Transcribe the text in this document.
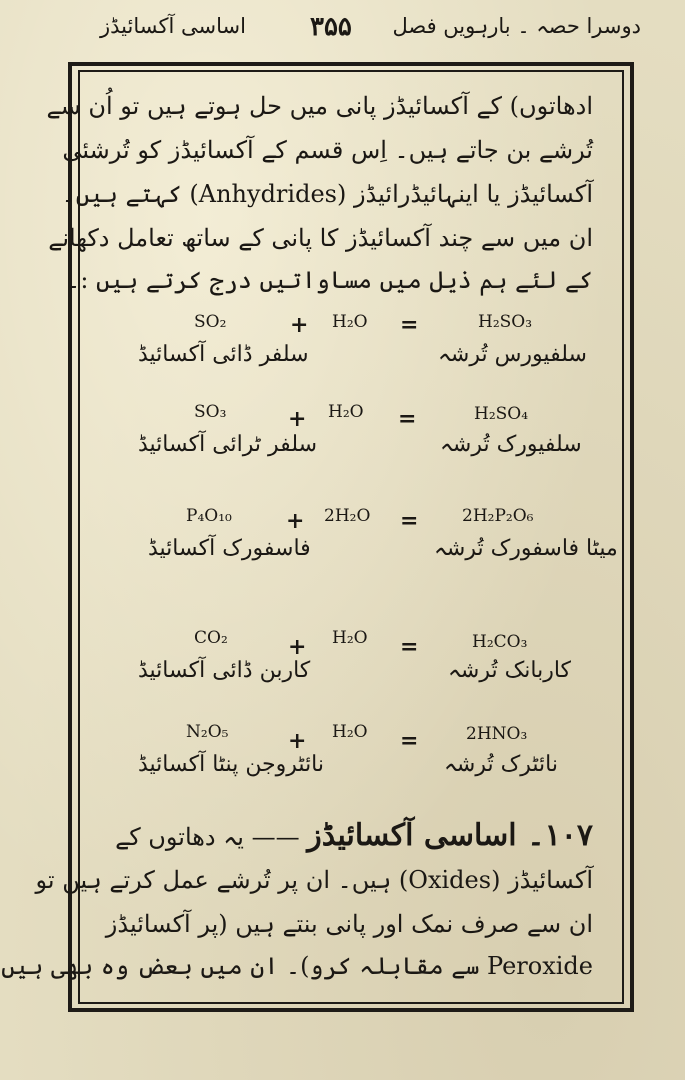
دوسرا حصہ ۔ بارہویں فصل
۳۵۵
اساسی آکسائیڈز
ادھاتوں) کے آکسائیڈز پانی میں حل ہوتے ہیں تو اُن سے
تُرشے بن جاتے ہیں۔ اِس قسم کے آکسائیڈز کو تُرشئی
آکسائیڈز یا اینہائیڈرائیڈز (Anhydrides) کہتے ہیں۔
ان میں سے چند آکسائیڈز کا پانی کے ساتھ تعامل دکھانے
کے لئے ہم ذیل میں مساواتیں درج کرتے ہیں :۔
SO₂	+ H₂O =	H₂SO₃
سلفر ڈائی آکسائیڈ	سلفیورس تُرشہ
SO₃	+ H₂O =	H₂SO₄
سلفر ٹرائی آکسائیڈ	سلفیورک تُرشہ
P₄O₁₀ + 2H₂O =	2H₂P₂O₆
فاسفورک آکسائیڈ	میٹا فاسفورک تُرشہ
CO₂	+ H₂O =	H₂CO₃
کاربن ڈائی آکسائیڈ	کاربانک تُرشہ
N₂O₅	+ H₂O =	2HNO₃
نائٹروجن پنٹا آکسائیڈ	نائٹرک تُرشہ
۱۰۷۔ اساسی آکسائیڈز —— یہ دھاتوں کے
آکسائیڈز (Oxides) ہیں۔ ان پر تُرشے عمل کرتے ہیں تو
ان سے صرف نمک اور پانی بنتے ہیں (پر آکسائیڈز
Peroxide سے مقابلہ کرو)۔ ان میں بعض وہ بھی ہیں
